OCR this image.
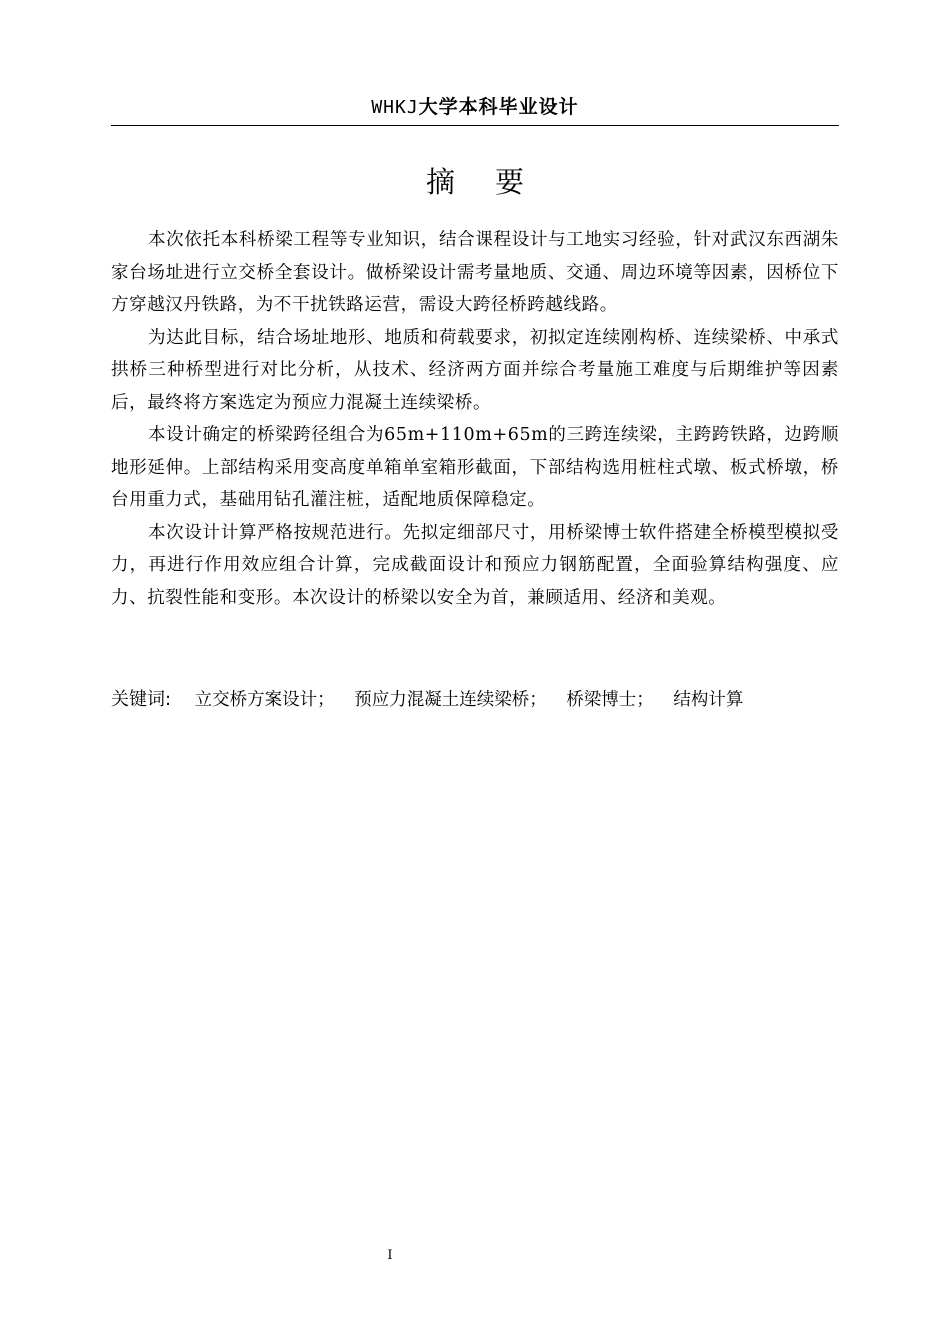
WHKJ大学本科毕业设计
摘要

本次依托本科桥梁工程等专业知识，结合课程设计与工地实习经验，针对武汉东西湖朱家台场址进行立交桥全套设计。做桥梁设计需考量地质、交通、周边环境等因素，因桥位下方穿越汉丹铁路，为不干扰铁路运营，需设大跨径桥跨越线路。

为达此目标，结合场址地形、地质和荷载要求，初拟定连续刚构桥、连续梁桥、中承式拱桥三种桥型进行对比分析，从技术、经济两方面并综合考量施工难度与后期维护等因素后，最终将方案选定为预应力混凝土连续梁桥。

本设计确定的桥梁跨径组合为65m+110m+65m的三跨连续梁，主跨跨铁路，边跨顺地形延伸。上部结构采用变高度单箱单室箱形截面，下部结构选用桩柱式墩、板式桥墩，桥台用重力式，基础用钻孔灌注桩，适配地质保障稳定。

本次设计计算严格按规范进行。先拟定细部尺寸，用桥梁博士软件搭建全桥模型模拟受力，再进行作用效应组合计算，完成截面设计和预应力钢筋配置，全面验算结构强度、应力、抗裂性能和变形。本次设计的桥梁以安全为首，兼顾适用、经济和美观。

关键词: 立交桥方案设计； 预应力混凝土连续梁桥； 桥梁博士； 结构计算
I
